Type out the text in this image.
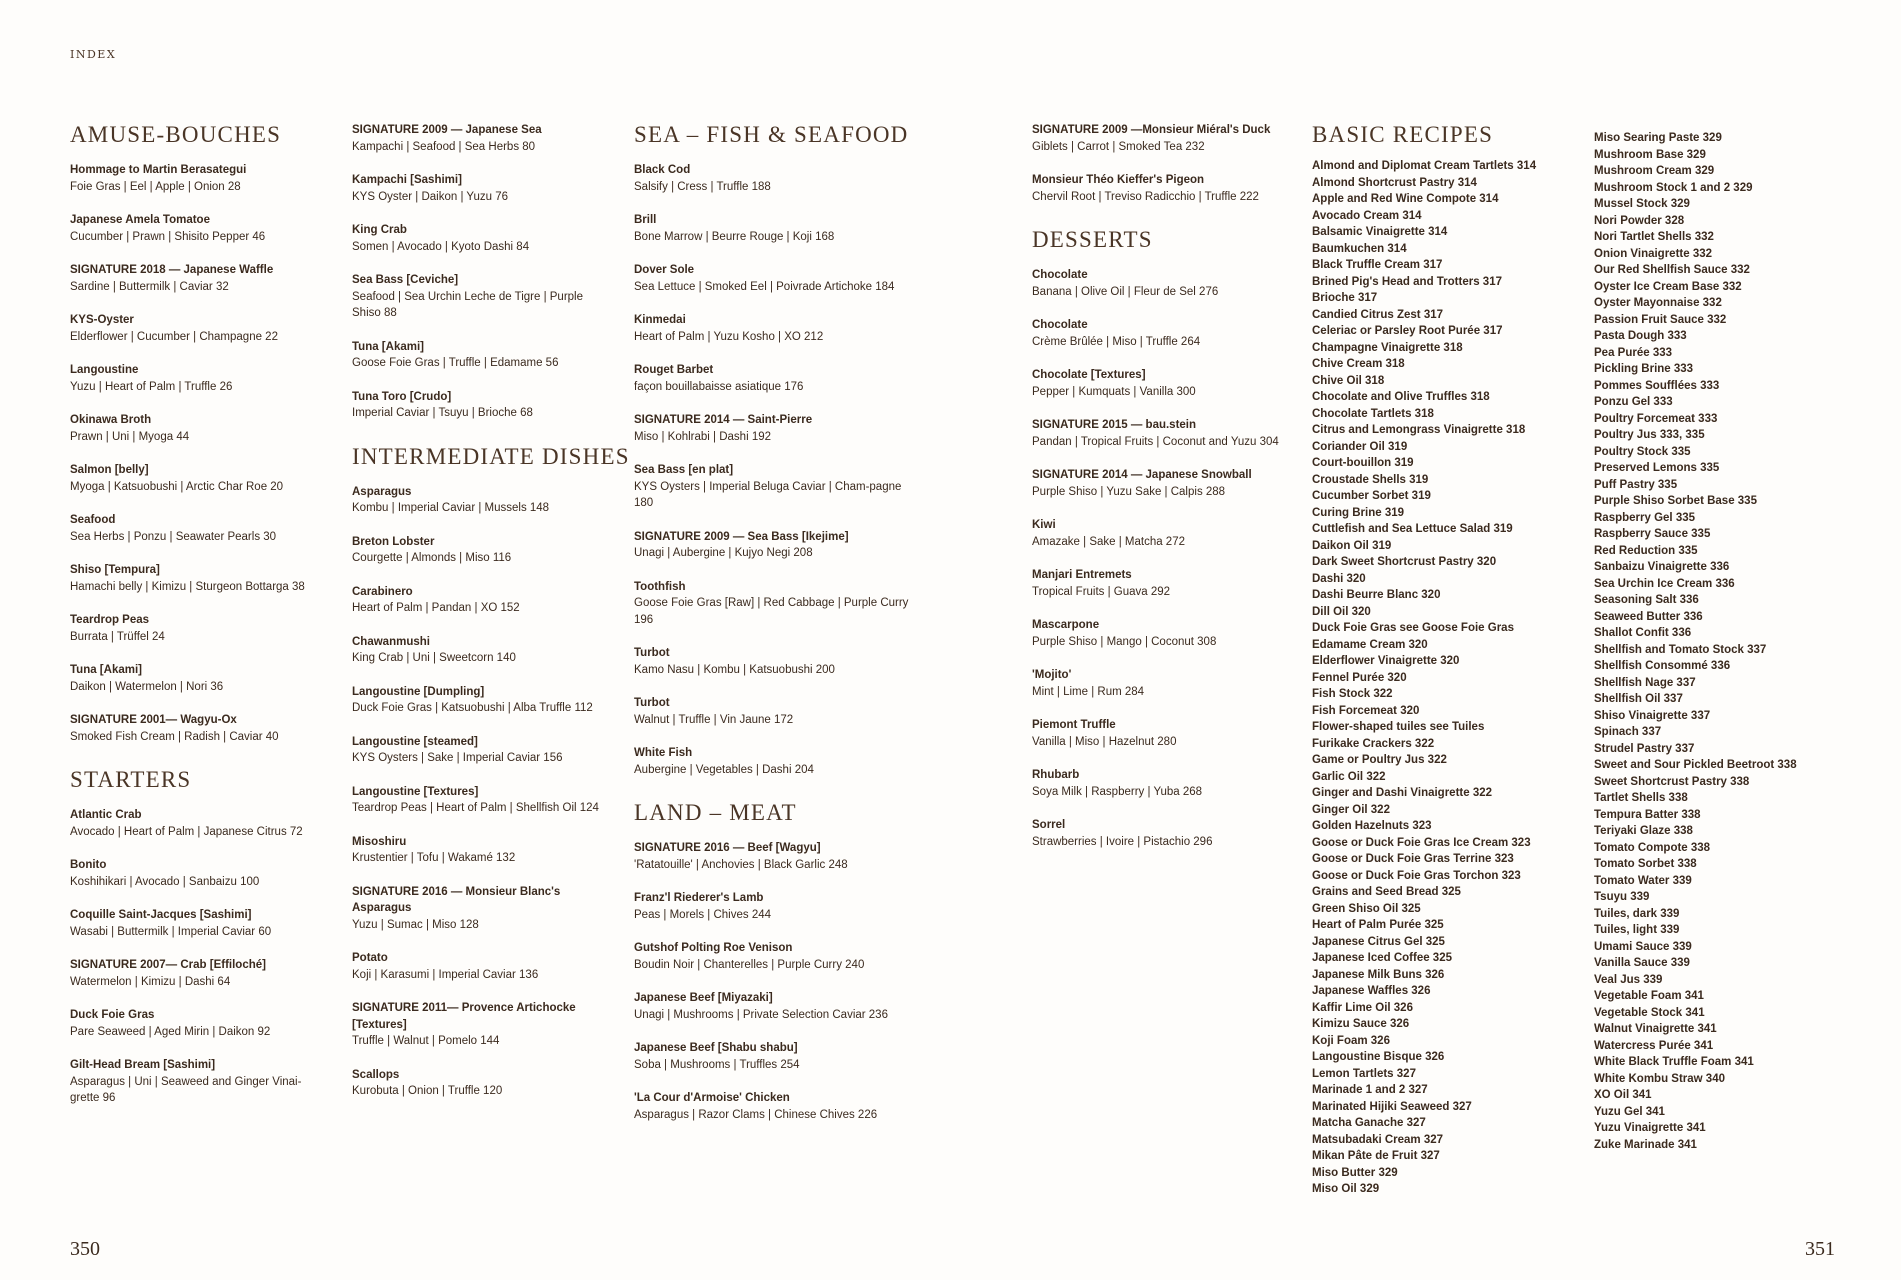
INDEX
AMUSE-BOUCHES
Hommage to Martin Berasategui
Foie Gras | Eel | Apple | Onion 28
Japanese Amela Tomatoe
Cucumber | Prawn | Shisito Pepper 46
SIGNATURE 2018 — Japanese Waffle
Sardine | Buttermilk | Caviar 32
KYS-Oyster
Elderflower | Cucumber | Champagne 22
Langoustine
Yuzu | Heart of Palm | Truffle 26
Okinawa Broth
Prawn | Uni | Myoga 44
Salmon [belly]
Myoga | Katsuobushi | Arctic Char Roe 20
Seafood
Sea Herbs | Ponzu | Seawater Pearls 30
Shiso [Tempura]
Hamachi belly | Kimizu | Sturgeon Bottarga 38
Teardrop Peas
Burrata | Trüffel 24
Tuna [Akami]
Daikon | Watermelon | Nori 36
SIGNATURE 2001— Wagyu-Ox
Smoked Fish Cream | Radish | Caviar 40
STARTERS
Atlantic Crab
Avocado | Heart of Palm | Japanese Citrus 72
Bonito
Koshihikari | Avocado | Sanbaizu 100
Coquille Saint-Jacques [Sashimi]
Wasabi | Buttermilk | Imperial Caviar 60
SIGNATURE 2007— Crab [Effiloché]
Watermelon | Kimizu | Dashi 64
Duck Foie Gras
Pare Seaweed | Aged Mirin | Daikon 92
Gilt-Head Bream [Sashimi]
Asparagus | Uni | Seaweed and Ginger Vinai-grette 96
SIGNATURE 2009 — Japanese Sea
Kampachi | Seafood | Sea Herbs 80
Kampachi [Sashimi]
KYS Oyster | Daikon | Yuzu 76
King Crab
Somen | Avocado | Kyoto Dashi 84
Sea Bass [Ceviche]
Seafood | Sea Urchin Leche de Tigre | Purple Shiso 88
Tuna [Akami]
Goose Foie Gras | Truffle | Edamame 56
Tuna Toro [Crudo]
Imperial Caviar | Tsuyu | Brioche 68
INTERMEDIATE DISHES
Asparagus
Kombu | Imperial Caviar | Mussels 148
Breton Lobster
Courgette | Almonds | Miso 116
Carabinero
Heart of Palm | Pandan | XO 152
Chawanmushi
King Crab | Uni | Sweetcorn 140
Langoustine [Dumpling]
Duck Foie Gras | Katsuobushi | Alba Truffle 112
Langoustine [steamed]
KYS Oysters | Sake | Imperial Caviar 156
Langoustine [Textures]
Teardrop Peas | Heart of Palm | Shellfish Oil 124
Misoshiru
Krustentier | Tofu | Wakamé 132
SIGNATURE 2016 — Monsieur Blanc's Asparagus
Yuzu | Sumac | Miso 128
Potato
Koji | Karasumi | Imperial Caviar 136
SIGNATURE 2011— Provence Artichocke [Textures]
Truffle | Walnut | Pomelo 144
Scallops
Kurobuta | Onion | Truffle 120
SEA – FISH & SEAFOOD
Black Cod
Salsify | Cress | Truffle 188
Brill
Bone Marrow | Beurre Rouge | Koji 168
Dover Sole
Sea Lettuce | Smoked Eel | Poivrade Artichoke 184
Kinmedai
Heart of Palm | Yuzu Kosho | XO 212
Rouget Barbet
façon bouillabaisse asiatique 176
SIGNATURE 2014 — Saint-Pierre
Miso | Kohlrabi | Dashi 192
Sea Bass [en plat]
KYS Oysters | Imperial Beluga Caviar | Cham-pagne 180
SIGNATURE 2009 — Sea Bass [Ikejime]
Unagi | Aubergine | Kujyo Negi 208
Toothfish
Goose Foie Gras [Raw] | Red Cabbage | Purple Curry 196
Turbot
Kamo Nasu | Kombu | Katsuobushi 200
Turbot
Walnut | Truffle | Vin Jaune 172
White Fish
Aubergine | Vegetables | Dashi 204
LAND – MEAT
SIGNATURE 2016 — Beef [Wagyu]
'Ratatouille' | Anchovies | Black Garlic 248
Franz'l Riederer's Lamb
Peas | Morels | Chives 244
Gutshof Polting Roe Venison
Boudin Noir | Chanterelles | Purple Curry 240
Japanese Beef [Miyazaki]
Unagi | Mushrooms | Private Selection Caviar 236
Japanese Beef [Shabu shabu]
Soba | Mushrooms | Truffles 254
'La Cour d'Armoise' Chicken
Asparagus | Razor Clams | Chinese Chives 226
SIGNATURE 2009 —Monsieur Miéral's Duck
Giblets | Carrot | Smoked Tea 232
Monsieur Théo Kieffer's Pigeon
Chervil Root | Treviso Radicchio | Truffle 222
DESSERTS
Chocolate
Banana | Olive Oil | Fleur de Sel 276
Chocolate
Crème Brûlée | Miso | Truffle 264
Chocolate [Textures]
Pepper | Kumquats | Vanilla 300
SIGNATURE 2015 — bau.stein
Pandan | Tropical Fruits | Coconut and Yuzu 304
SIGNATURE 2014 — Japanese Snowball
Purple Shiso | Yuzu Sake | Calpis 288
Kiwi
Amazake | Sake | Matcha 272
Manjari Entremets
Tropical Fruits | Guava 292
Mascarpone
Purple Shiso | Mango | Coconut 308
'Mojito'
Mint | Lime | Rum 284
Piemont Truffle
Vanilla | Miso | Hazelnut 280
Rhubarb
Soya Milk | Raspberry | Yuba 268
Sorrel
Strawberries | Ivoire | Pistachio 296
BASIC RECIPES
Almond and Diplomat Cream Tartlets 314
Almond Shortcrust Pastry 314
Apple and Red Wine Compote 314
Avocado Cream 314
Balsamic Vinaigrette 314
Baumkuchen 314
Black Truffle Cream 317
Brined Pig's Head and Trotters 317
Brioche 317
Candied Citrus Zest 317
Celeriac or Parsley Root Purée 317
Champagne Vinaigrette 318
Chive Cream 318
Chive Oil 318
Chocolate and Olive Truffles 318
Chocolate Tartlets 318
Citrus and Lemongrass Vinaigrette 318
Coriander Oil 319
Court-bouillon 319
Croustade Shells 319
Cucumber Sorbet 319
Curing Brine 319
Cuttlefish and Sea Lettuce Salad 319
Daikon Oil 319
Dark Sweet Shortcrust Pastry 320
Dashi 320
Dashi Beurre Blanc 320
Dill Oil 320
Duck Foie Gras see Goose Foie Gras
Edamame Cream 320
Elderflower Vinaigrette 320
Fennel Purée 320
Fish Stock 322
Fish Forcemeat 320
Flower-shaped tuiles see Tuiles
Furikake Crackers 322
Game or Poultry Jus 322
Garlic Oil 322
Ginger and Dashi Vinaigrette 322
Ginger Oil 322
Golden Hazelnuts 323
Goose or Duck Foie Gras Ice Cream 323
Goose or Duck Foie Gras Terrine 323
Goose or Duck Foie Gras Torchon 323
Grains and Seed Bread 325
Green Shiso Oil 325
Heart of Palm Purée 325
Japanese Citrus Gel 325
Japanese Iced Coffee 325
Japanese Milk Buns 326
Japanese Waffles 326
Kaffir Lime Oil 326
Kimizu Sauce 326
Koji Foam 326
Langoustine Bisque 326
Lemon Tartlets 327
Marinade 1 and 2 327
Marinated Hijiki Seaweed 327
Matcha Ganache 327
Matsubadaki Cream 327
Mikan Pâte de Fruit 327
Miso Butter 329
Miso Oil 329
Miso Searing Paste 329
Mushroom Base 329
Mushroom Cream 329
Mushroom Stock 1 and 2 329
Mussel Stock 329
Nori Powder 328
Nori Tartlet Shells 332
Onion Vinaigrette 332
Our Red Shellfish Sauce 332
Oyster Ice Cream Base 332
Oyster Mayonnaise 332
Passion Fruit Sauce 332
Pasta Dough 333
Pea Purée 333
Pickling Brine 333
Pommes Soufflées 333
Ponzu Gel 333
Poultry Forcemeat 333
Poultry Jus 333, 335
Poultry Stock 335
Preserved Lemons 335
Puff Pastry 335
Purple Shiso Sorbet Base 335
Raspberry Gel 335
Raspberry Sauce 335
Red Reduction 335
Sanbaizu Vinaigrette 336
Sea Urchin Ice Cream 336
Seasoning Salt 336
Seaweed Butter 336
Shallot Confit 336
Shellfish and Tomato Stock 337
Shellfish Consommé 336
Shellfish Nage 337
Shellfish Oil 337
Shiso Vinaigrette 337
Spinach 337
Strudel Pastry 337
Sweet and Sour Pickled Beetroot 338
Sweet Shortcrust Pastry 338
Tartlet Shells 338
Tempura Batter 338
Teriyaki Glaze 338
Tomato Compote 338
Tomato Sorbet 338
Tomato Water 339
Tsuyu 339
Tuiles, dark 339
Tuiles, light 339
Umami Sauce 339
Vanilla Sauce 339
Veal Jus 339
Vegetable Foam 341
Vegetable Stock 341
Walnut Vinaigrette 341
Watercress Purée 341
White Black Truffle Foam 341
White Kombu Straw 340
XO Oil 341
Yuzu Gel 341
Yuzu Vinaigrette 341
Zuke Marinade 341
350	351
